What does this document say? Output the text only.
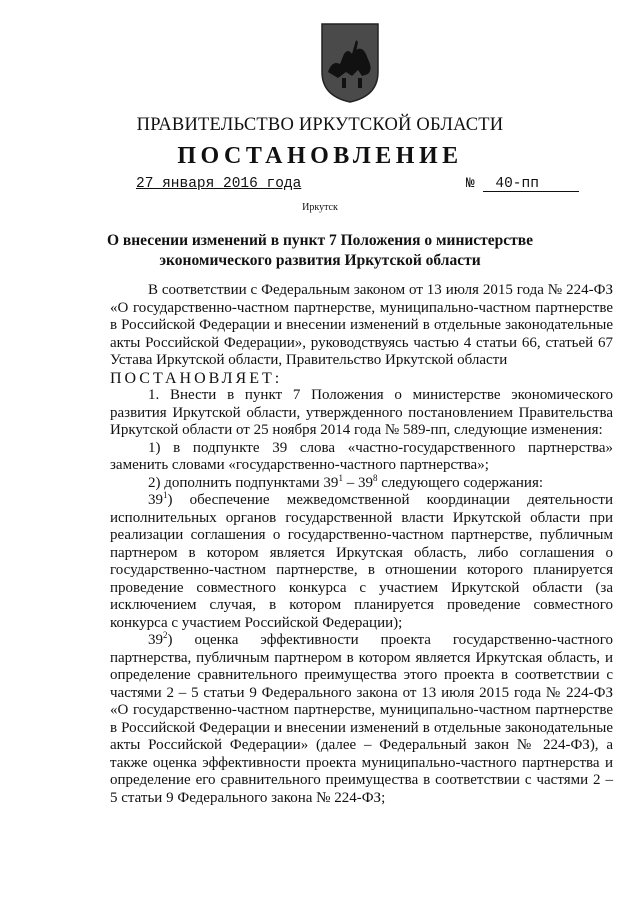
ПРАВИТЕЛЬСТВО ИРКУТСКОЙ ОБЛАСТИ
ПОСТАНОВЛЕНИЕ
27 января 2016 года	№ 40-пп
Иркутск
О внесении изменений в пункт 7 Положения о министерстве экономического развития Иркутской области

В соответствии с Федеральным законом от 13 июля 2015 года № 224-ФЗ «О государственно-частном партнерстве, муниципально-частном партнерстве в Российской Федерации и внесении изменений в отдельные законодательные акты Российской Федерации», руководствуясь частью 4 статьи 66, статьей 67 Устава Иркутской области, Правительство Иркутской области

ПОСТАНОВЛЯЕТ:

1. Внести в пункт 7 Положения о министерстве экономического развития Иркутской области, утвержденного постановлением Правительства Иркутской области от 25 ноября 2014 года № 589-пп, следующие изменения:

1) в подпункте 39 слова «частно-государственного партнерства» заменить словами «государственно-частного партнерства»;

2) дополнить подпунктами $39^1 - 39^8$ следующего содержания:

$39^1$) обеспечение межведомственной координации деятельности исполнительных органов государственной власти Иркутской области при реализации соглашения о государственно-частном партнерстве, публичным партнером в котором является Иркутская область, либо соглашения о государственно-частном партнерстве, в отношении которого планируется проведение совместного конкурса с участием Иркутской области (за исключением случая, в котором планируется проведение совместного конкурса с участием Российской Федерации);

$39^2$) оценка эффективности проекта государственно-частного партнерства, публичным партнером в котором является Иркутская область, и определение сравнительного преимущества этого проекта в соответствии с частями 2 – 5 статьи 9 Федерального закона от 13 июля 2015 года № 224-ФЗ «О государственно-частном партнерстве, муниципально-частном партнерстве в Российской Федерации и внесении изменений в отдельные законодательные акты Российской Федерации» (далее – Федеральный закон № 224-ФЗ), а также оценка эффективности проекта муниципально-частного партнерства и определение его сравнительного преимущества в соответствии с частями 2 – 5 статьи 9 Федерального закона № 224-ФЗ;
